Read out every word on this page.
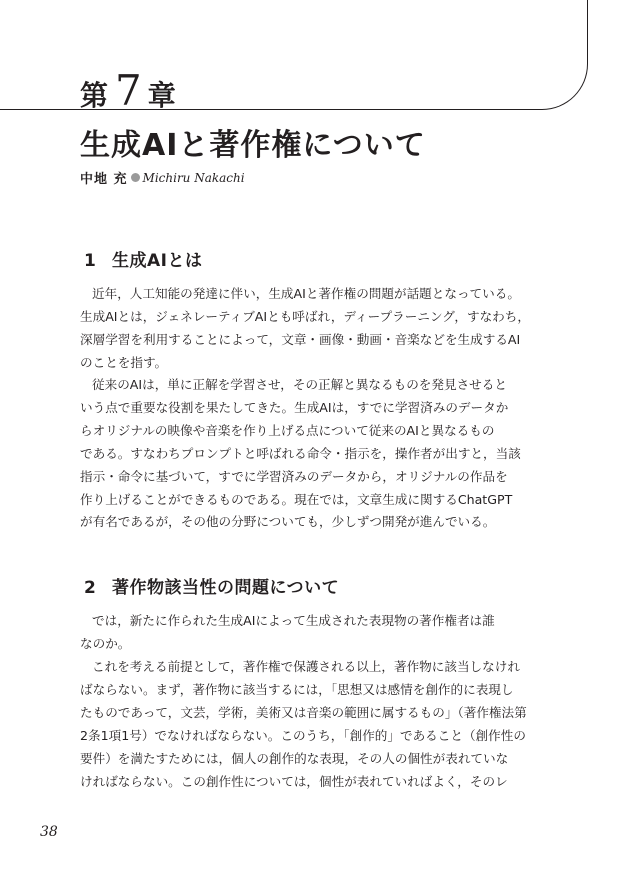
第 7 章
生成AIと著作権について
中地 充 Michiru Nakachi
1 生成AIとは
近年，人工知能の発達に伴い，生成AIと著作権の問題が話題となっている。
生成AIとは，ジェネレーティブAIとも呼ばれ，ディープラーニング，すなわち，
深層学習を利用することによって，文章・画像・動画・音楽などを生成するAI
のことを指す。
従来のAIは，単に正解を学習させ，その正解と異なるものを発見させると
いう点で重要な役割を果たしてきた。生成AIは，すでに学習済みのデータか
らオリジナルの映像や音楽を作り上げる点について従来のAIと異なるもの
である。すなわちプロンプトと呼ばれる命令・指示を，操作者が出すと，当該
指示・命令に基づいて，すでに学習済みのデータから，オリジナルの作品を
作り上げることができるものである。現在では，文章生成に関するChatGPT
が有名であるが，その他の分野についても，少しずつ開発が進んでいる。
2 著作物該当性の問題について
では，新たに作られた生成AIによって生成された表現物の著作権者は誰
なのか。
これを考える前提として，著作権で保護される以上，著作物に該当しなけれ
ばならない。まず，著作物に該当するには，「思想又は感情を創作的に表現し
たものであって，文芸，学術，美術又は音楽の範囲に属するもの」（著作権法第
2条1項1号）でなければならない。このうち，「創作的」であること（創作性の
要件）を満たすためには，個人の創作的な表現，その人の個性が表れていな
ければならない。この創作性については，個性が表れていればよく，そのレ
38
